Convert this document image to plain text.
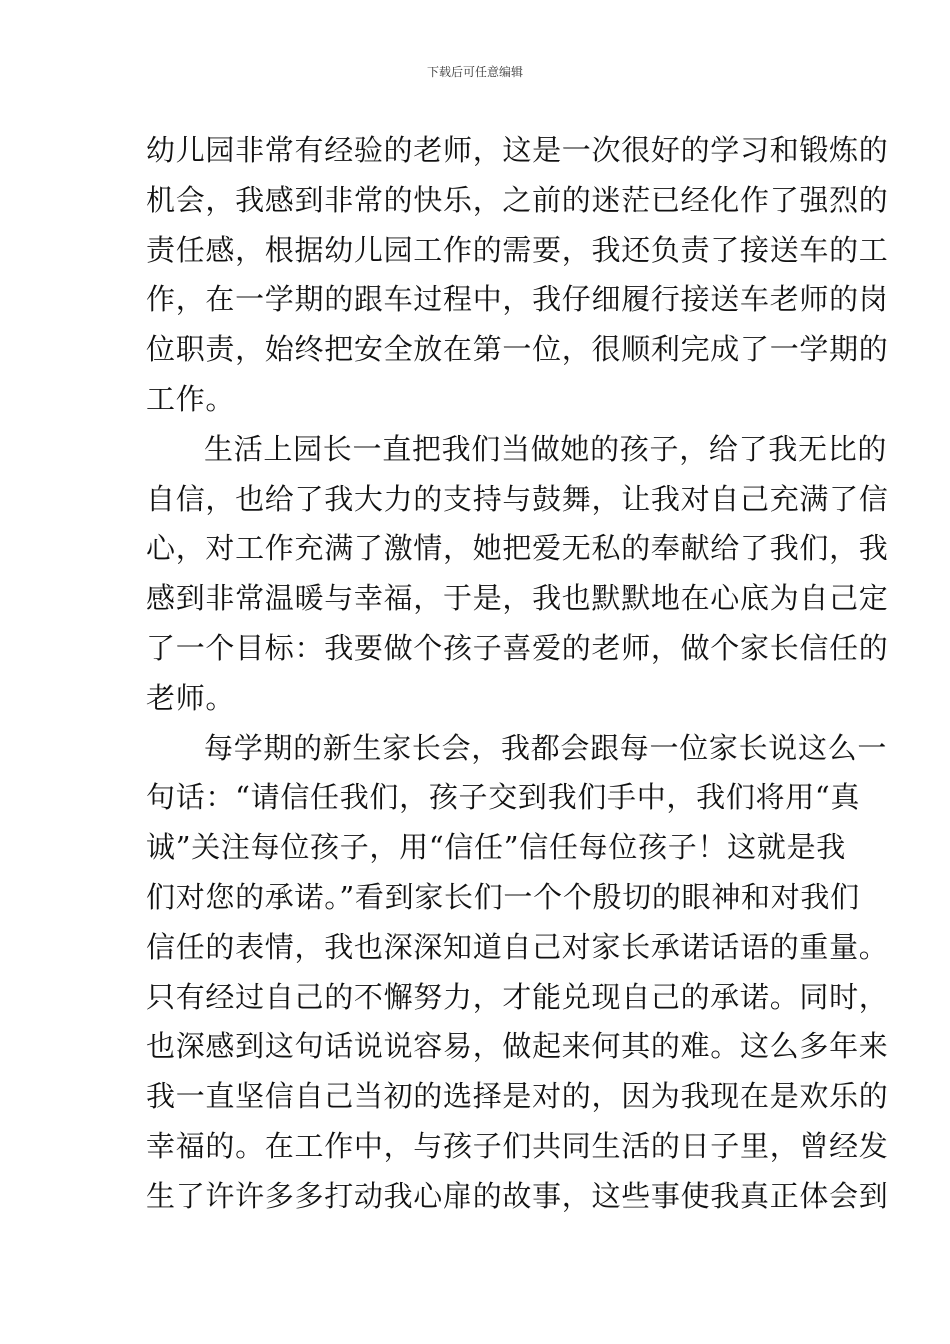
下载后可任意编辑
幼儿园非常有经验的老师，这是一次很好的学习和锻炼的
机会，我感到非常的快乐，之前的迷茫已经化作了强烈的
责任感，根据幼儿园工作的需要，我还负责了接送车的工
作，在一学期的跟车过程中，我仔细履行接送车老师的岗
位职责，始终把安全放在第一位，很顺利完成了一学期的
工作。
生活上园长一直把我们当做她的孩子，给了我无比的
自信，也给了我大力的支持与鼓舞，让我对自己充满了信
心，对工作充满了激情，她把爱无私的奉献给了我们，我
感到非常温暖与幸福，于是，我也默默地在心底为自己定
了一个目标：我要做个孩子喜爱的老师，做个家长信任的
老师。
每学期的新生家长会，我都会跟每一位家长说这么一
句话：“请信任我们，孩子交到我们手中，我们将用“真
诚”关注每位孩子，用“信任”信任每位孩子！这就是我
们对您的承诺。”看到家长们一个个殷切的眼神和对我们
信任的表情，我也深深知道自己对家长承诺话语的重量。
只有经过自己的不懈努力，才能兑现自己的承诺。同时，
也深感到这句话说说容易，做起来何其的难。这么多年来
我一直坚信自己当初的选择是对的，因为我现在是欢乐的
幸福的。在工作中，与孩子们共同生活的日子里，曾经发
生了许许多多打动我心扉的故事，这些事使我真正体会到
